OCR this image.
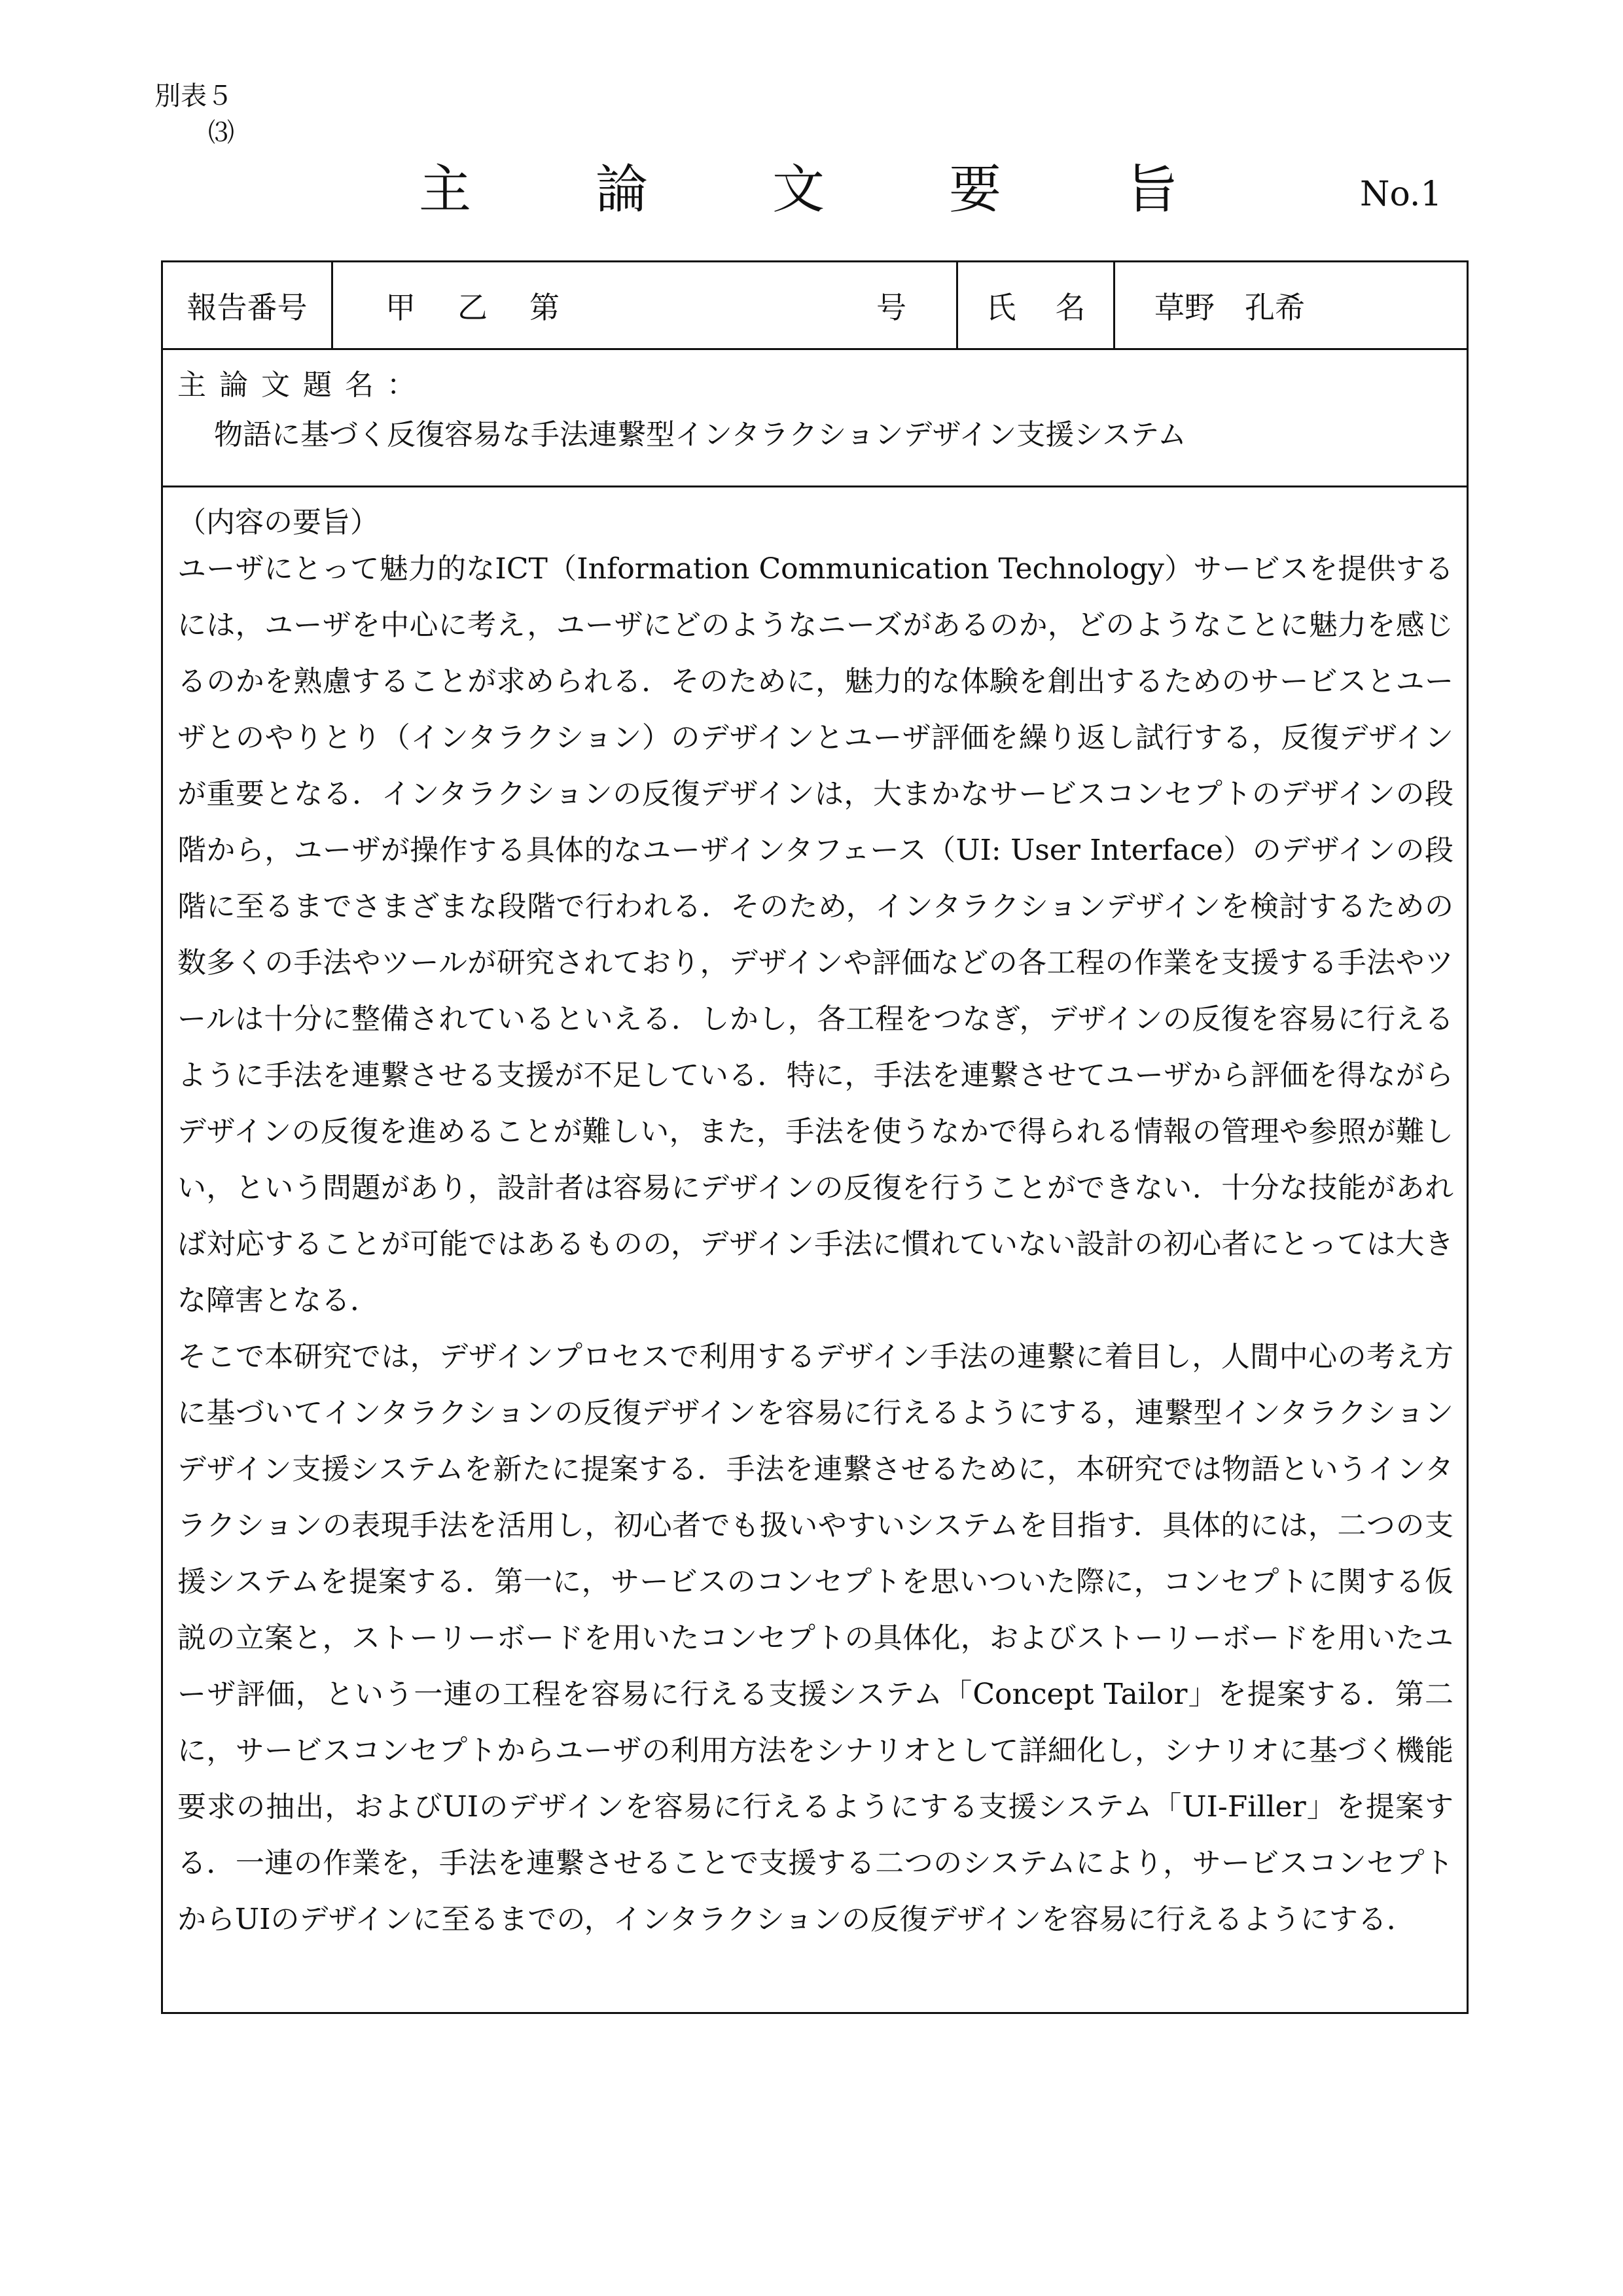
別表５
⑶
主 論 文 要 旨	No.1
報告番号	甲 乙 第	号	氏 名 草野　孔希
主論文題名：
物語に基づく反復容易な手法連繋型インタラクションデザイン支援システム
（内容の要旨）

ユーザにとって魅力的なICT（Information Communication Technology）サービスを提供するには，ユーザを中心に考え，ユーザにどのようなニーズがあるのか，どのようなことに魅力を感じるのかを熟慮することが求められる．そのために，魅力的な体験を創出するためのサービスとユーザとのやりとり（インタラクション）のデザインとユーザ評価を繰り返し試行する，反復デザインが重要となる．インタラクションの反復デザインは，大まかなサービスコンセプトのデザインの段階から，ユーザが操作する具体的なユーザインタフェース（UI: User Interface）のデザインの段階に至るまでさまざまな段階で行われる．そのため，インタラクションデザインを検討するための数多くの手法やツールが研究されており，デザインや評価などの各工程の作業を支援する手法やツールは十分に整備されているといえる．しかし，各工程をつなぎ，デザインの反復を容易に行えるように手法を連繋させる支援が不足している．特に，手法を連繋させてユーザから評価を得ながらデザインの反復を進めることが難しい，また，手法を使うなかで得られる情報の管理や参照が難しい，という問題があり，設計者は容易にデザインの反復を行うことができない．十分な技能があれば対応することが可能ではあるものの，デザイン手法に慣れていない設計の初心者にとっては大きな障害となる．

そこで本研究では，デザインプロセスで利用するデザイン手法の連繋に着目し，人間中心の考え方に基づいてインタラクションの反復デザインを容易に行えるようにする，連繋型インタラクションデザイン支援システムを新たに提案する．手法を連繋させるために，本研究では物語というインタラクションの表現手法を活用し，初心者でも扱いやすいシステムを目指す．具体的には，二つの支援システムを提案する．第一に，サービスのコンセプトを思いついた際に，コンセプトに関する仮説の立案と，ストーリーボードを用いたコンセプトの具体化，およびストーリーボードを用いたユーザ評価，という一連の工程を容易に行える支援システム「Concept Tailor」を提案する．第二に，サービスコンセプトからユーザの利用方法をシナリオとして詳細化し，シナリオに基づく機能要求の抽出，およびUIのデザインを容易に行えるようにする支援システム「UI-Filler」を提案する．一連の作業を，手法を連繋させることで支援する二つのシステムにより，サービスコンセプトからUIのデザインに至るまでの，インタラクションの反復デザインを容易に行えるようにする．
